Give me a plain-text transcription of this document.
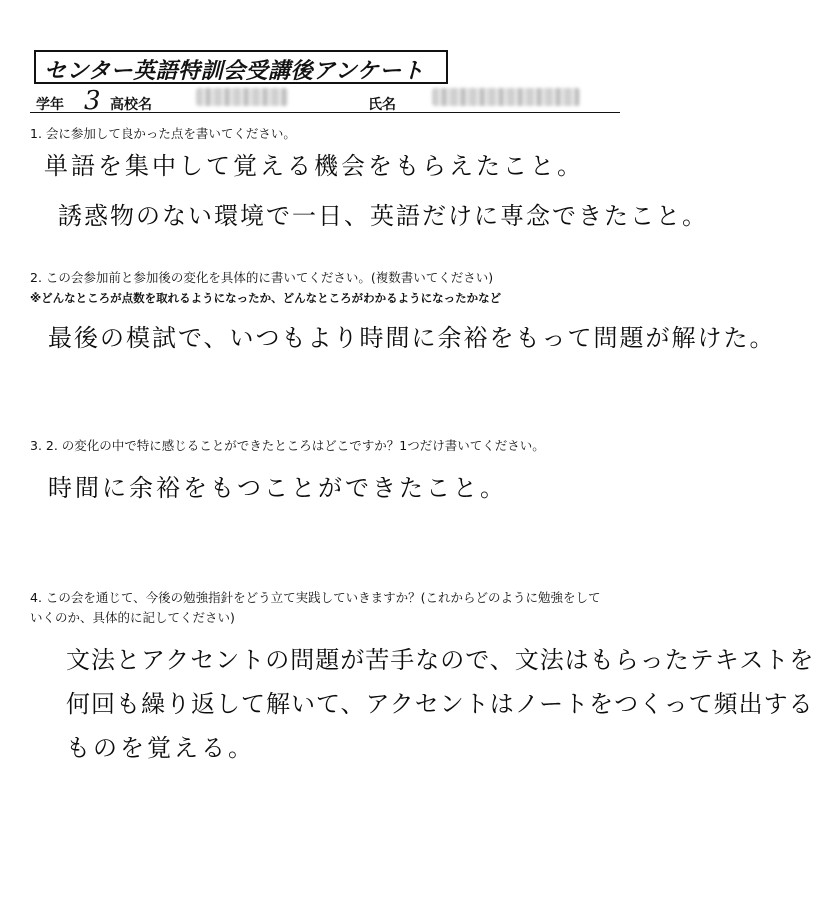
センター英語特訓会受講後アンケート
学年 3 高校名	氏名
1. 会に参加して良かった点を書いてください。
単語を集中して覚える機会をもらえたこと。
誘惑物のない環境で一日、英語だけに専念できたこと。
2. この会参加前と参加後の変化を具体的に書いてください。(複数書いてください)
※どんなところが点数を取れるようになったか、どんなところがわかるようになったかなど
最後の模試で、いつもより時間に余裕をもって問題が解けた。
3. 2. の変化の中で特に感じることができたところはどこですか？1つだけ書いてください。
時間に余裕をもつことができたこと。
4. この会を通じて、今後の勉強指針をどう立て実践していきますか？(これからどのように勉強をして
いくのか、具体的に記してください)
文法とアクセントの問題が苦手なので、文法はもらったテキストを
何回も繰り返して解いて、アクセントはノートをつくって頻出する
ものを覚える。
